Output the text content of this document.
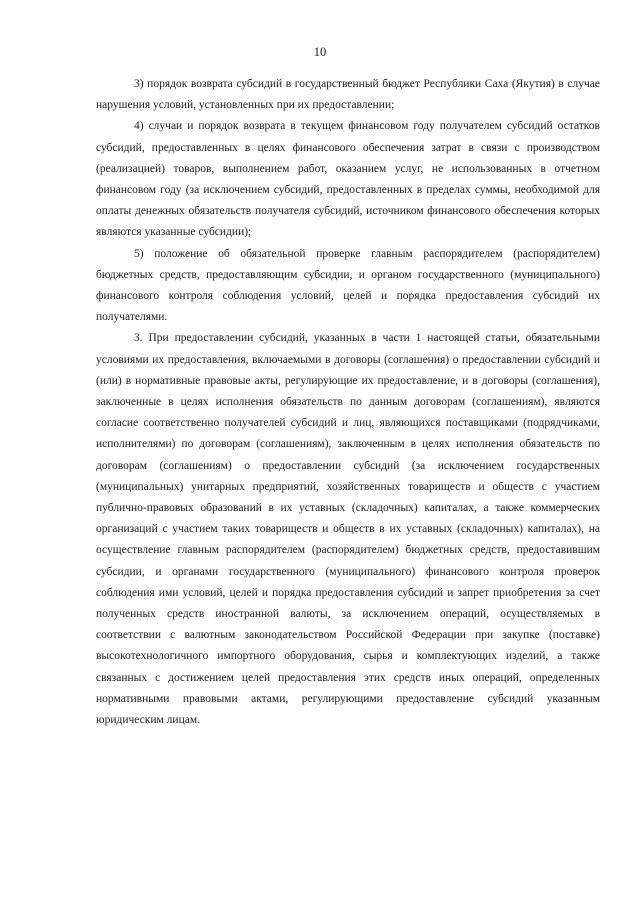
10

3) порядок возврата субсидий в государственный бюджет Республики Саха (Якутия) в случае нарушения условий, установленных при их предоставлении;

4) случаи и порядок возврата в текущем финансовом году получателем субсидий остатков субсидий, предоставленных в целях финансового обеспечения затрат в связи с производством (реализацией) товаров, выполнением работ, оказанием услуг, не использованных в отчетном финансовом году (за исключением субсидий, предоставленных в пределах суммы, необходимой для оплаты денежных обязательств получателя субсидий, источником финансового обеспечения которых являются указанные субсидии);

5) положение об обязательной проверке главным распорядителем (распорядителем) бюджетных средств, предоставляющим субсидии, и органом государственного (муниципального) финансового контроля соблюдения условий, целей и порядка предоставления субсидий их получателями.

3. При предоставлении субсидий, указанных в части 1 настоящей статьи, обязательными условиями их предоставления, включаемыми в договоры (соглашения) о предоставлении субсидий и (или) в нормативные правовые акты, регулирующие их предоставление, и в договоры (соглашения), заключенные в целях исполнения обязательств по данным договорам (соглашениям), являются согласие соответственно получателей субсидий и лиц, являющихся поставщиками (подрядчиками, исполнителями) по договорам (соглашениям), заключенным в целях исполнения обязательств по договорам (соглашениям) о предоставлении субсидий (за исключением государственных (муниципальных) унитарных предприятий, хозяйственных товариществ и обществ с участием публично-правовых образований в их уставных (складочных) капиталах, а также коммерческих организаций с участием таких товариществ и обществ в их уставных (складочных) капиталах), на осуществление главным распорядителем (распорядителем) бюджетных средств, предоставившим субсидии, и органами государственного (муниципального) финансового контроля проверок соблюдения ими условий, целей и порядка предоставления субсидий и запрет приобретения за счет полученных средств иностранной валюты, за исключением операций, осуществляемых в соответствии с валютным законодательством Российской Федерации при закупке (поставке) высокотехнологичного импортного оборудования, сырья и комплектующих изделий, а также связанных с достижением целей предоставления этих средств иных операций, определенных нормативными правовыми актами, регулирующими предоставление субсидий указанным юридическим лицам.
